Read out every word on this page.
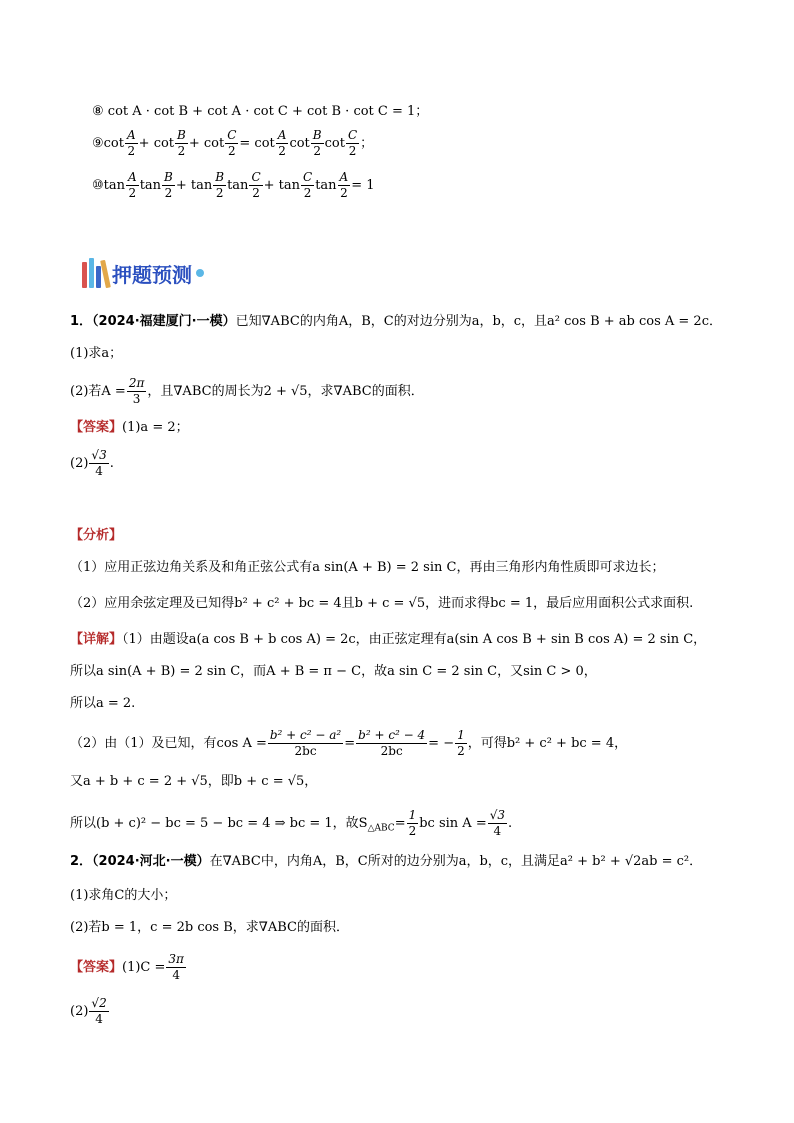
⑧ cot A · cot B + cot A · cot C + cot B · cot C = 1；
⑨cot $\frac{A}{2} + \cot \frac{B}{2} + \cot \frac{C}{2} = \cot \frac{A}{2}$ $\cot \frac{B}{2}$ $\cot \frac{C}{2}$ ；
⑩tan $\frac{A}{2}$ $\tan \frac{B}{2} + \tan \frac{B}{2}$ $\tan \frac{C}{2} + \tan \frac{C}{2}$ $\tan \frac{A}{2} = 1$
押题预测
1．（2024·福建厦门·一模）已知∇ABC的内角A，B，C的对边分别为a，b，c，且a² cos B + ab cos A = 2c．
(1)求a；
(2)若$A = \frac{2\pi}{3}$ ，且∇ABC的周长为2 + √5，求∇ABC的面积．
【答案】(1)a = 2；
$(2) \frac{√3}{4}$ .
【分析】
（1）应用正弦边角关系及和角正弦公式有a sin(A + B) = 2 sin C，再由三角形内角性质即可求边长；
（2）应用余弦定理及已知得b² + c² + bc = 4且b + c = √5，进而求得bc = 1，最后应用面积公式求面积.
【详解】（1）由题设a(a cos B + b cos A) = 2c，由正弦定理有a(sin A cos B + sin B cos A) = 2 sin C，
所以a sin(A + B) = 2 sin C，而A + B = π − C，故a sin C = 2 sin C，又sin C > 0，
所以a = 2.
（2）由（1）及已知，有$\cos A = \frac{\text{b² + c² − a²}}{2bc} = \frac{\text{b² + c² − 4}}{2bc}$ = − $\frac{1}{2}$ ，可得b² + c² + bc = 4，
又a + b + c = 2 + √5，即b + c = √5，
所以(b + c)² − bc = 5 − bc = 4 ⇒ bc = 1，故$S_{\triangle ABC}= \frac{1}{2}$ bc $\sin A = \frac{√3}{4}$ .
2．（2024·河北·一模）在∇ABC中，内角A，B，C所对的边分别为a，b，c，且满足a² + b² + √2ab = c²．
(1)求角C的大小；
(2)若b = 1，c = 2b cos B，求∇ABC的面积．
【答案】$(1)C = \frac{3\pi}{4}$
$(2) \frac{√2}{4}$
